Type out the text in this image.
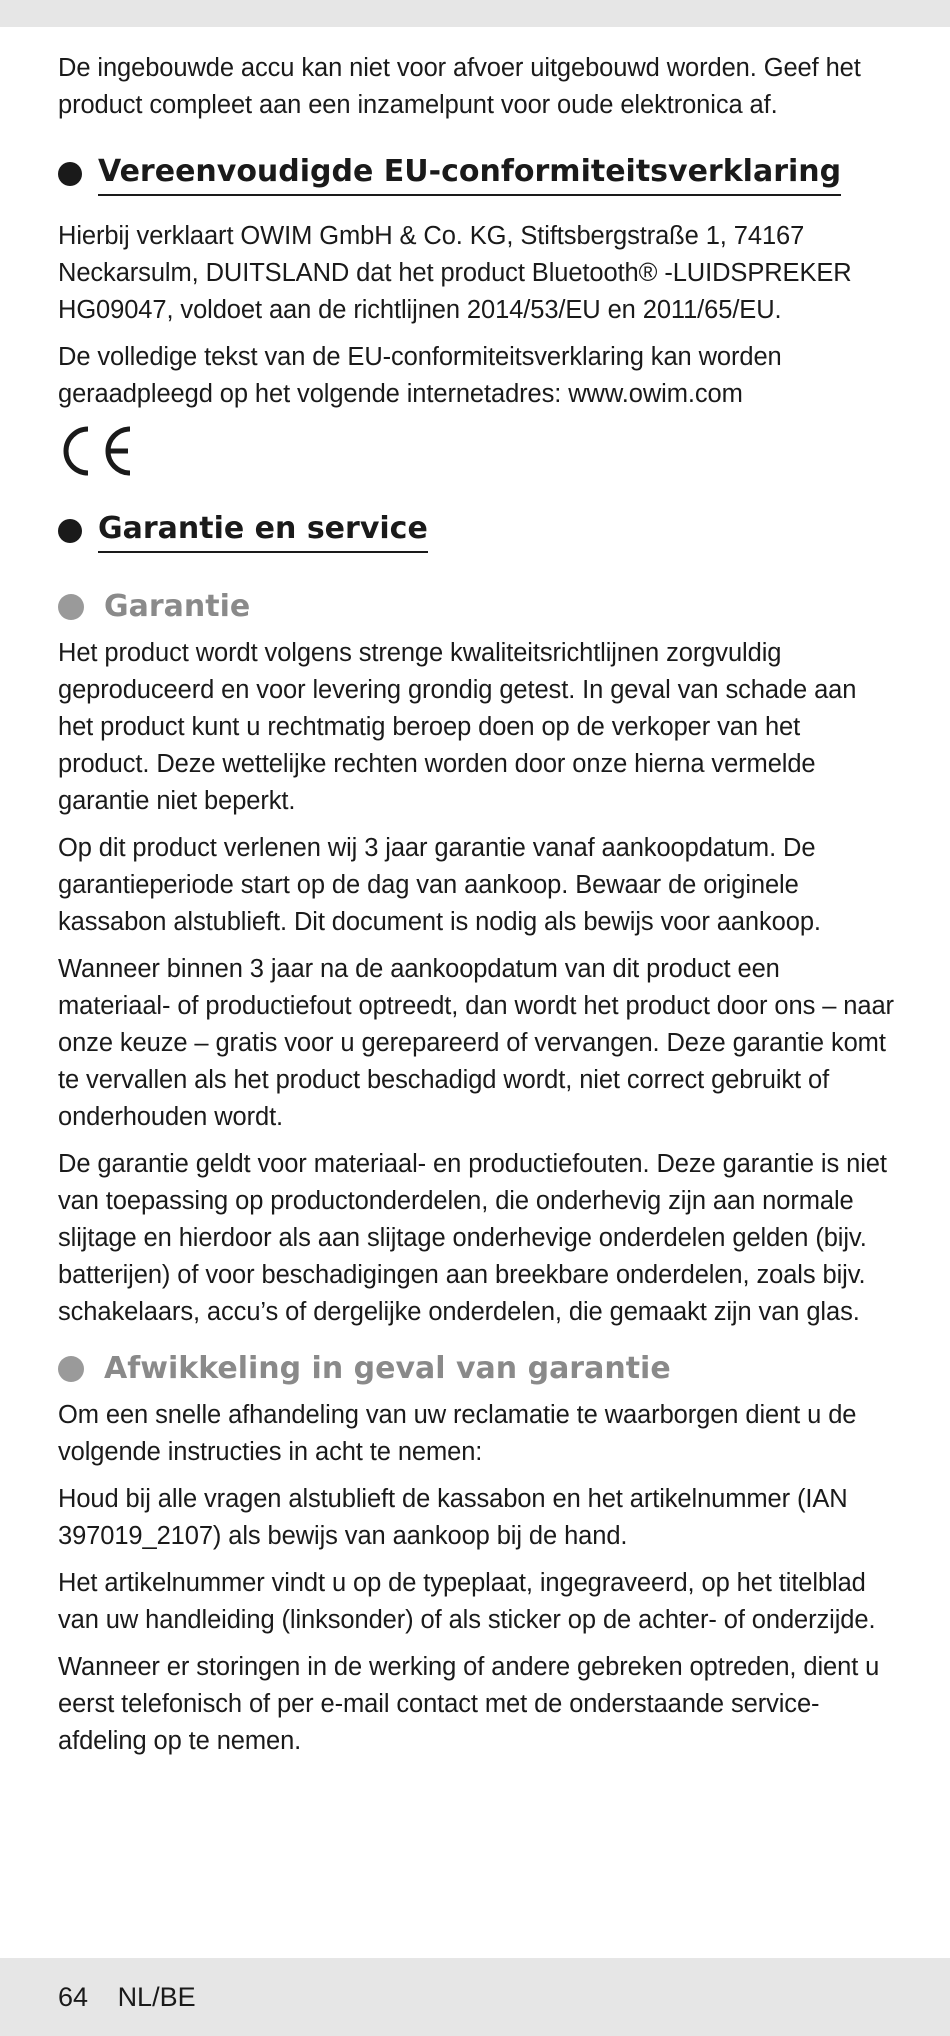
De ingebouwde accu kan niet voor afvoer uitgebouwd worden. Geef het product compleet aan een inzamelpunt voor oude elektronica af.

Vereenvoudigde EU-conformiteitsverklaring

Hierbij verklaart OWIM GmbH & Co. KG, Stiftsbergstraße 1, 74167 Neckarsulm, DUITSLAND dat het product Bluetooth® -LUIDSPREKER HG09047, voldoet aan de richtlijnen 2014/53/EU en 2011/65/EU.

De volledige tekst van de EU-conformiteitsverklaring kan worden geraadpleegd op het volgende internetadres: www.owim.com

Garantie en service
Garantie

Het product wordt volgens strenge kwaliteitsrichtlijnen zorgvuldig geproduceerd en voor levering grondig getest. In geval van schade aan het product kunt u rechtmatig beroep doen op de verkoper van het product. Deze wettelijke rechten worden door onze hierna vermelde garantie niet beperkt.

Op dit product verlenen wij 3 jaar garantie vanaf aankoopdatum. De garantieperiode start op de dag van aankoop. Bewaar de originele kassabon alstublieft. Dit document is nodig als bewijs voor aankoop.

Wanneer binnen 3 jaar na de aankoopdatum van dit product een materiaal- of productiefout optreedt, dan wordt het product door ons – naar onze keuze – gratis voor u gerepareerd of vervangen. Deze garantie komt te vervallen als het product beschadigd wordt, niet correct gebruikt of onderhouden wordt.

De garantie geldt voor materiaal- en productiefouten. Deze garantie is niet van toepassing op productonderdelen, die onderhevig zijn aan normale slijtage en hierdoor als aan slijtage onderhevige onderdelen gelden (bijv. batterijen) of voor beschadigingen aan breekbare onderdelen, zoals bijv. schakelaars, accu’s of dergelijke onderdelen, die gemaakt zijn van glas.

Afwikkeling in geval van garantie

Om een snelle afhandeling van uw reclamatie te waarborgen dient u de volgende instructies in acht te nemen:

Houd bij alle vragen alstublieft de kassabon en het artikelnummer (IAN 397019_2107) als bewijs van aankoop bij de hand.

Het artikelnummer vindt u op de typeplaat, ingegraveerd, op het titelblad van uw handleiding (linksonder) of als sticker op de achter- of onderzijde.

Wanneer er storingen in de werking of andere gebreken optreden, dient u eerst telefonisch of per e-mail contact met de onderstaande service-afdeling op te nemen.

64 NL/BE
